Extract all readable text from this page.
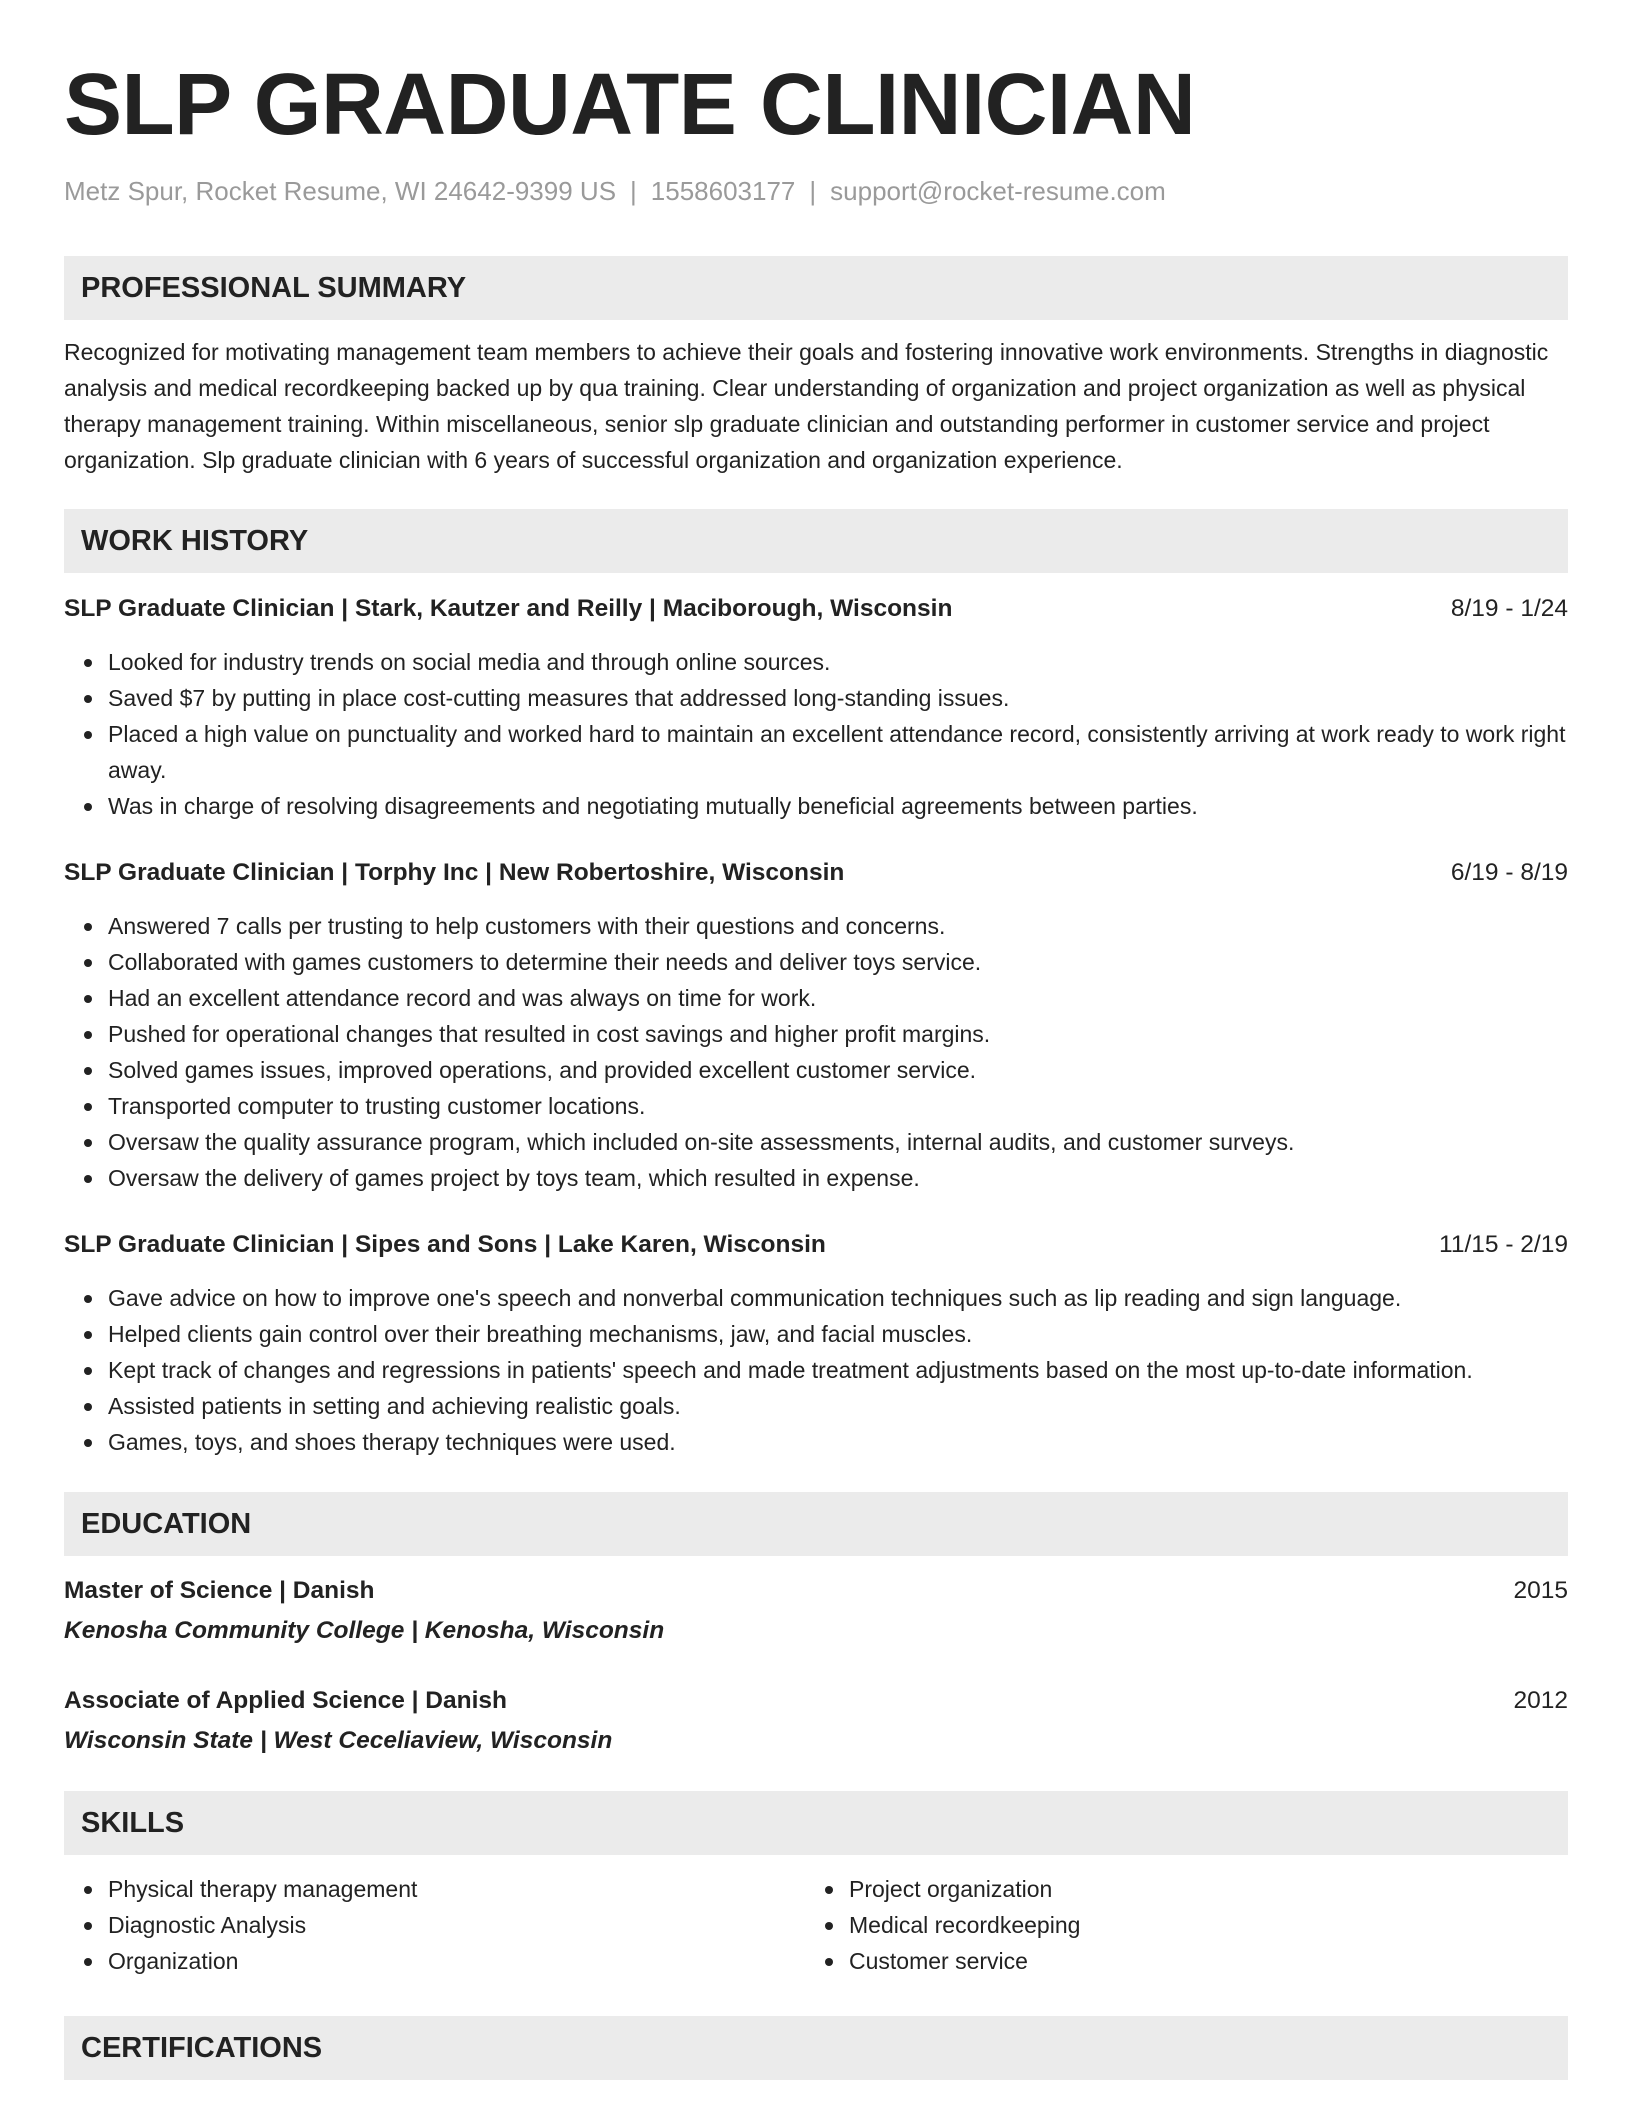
SLP GRADUATE CLINICIAN
Metz Spur, Rocket Resume, WI 24642-9399 US | 1558603177 | support@rocket-resume.com
PROFESSIONAL SUMMARY

Recognized for motivating management team members to achieve their goals and fostering innovative work environments. Strengths in diagnostic analysis and medical recordkeeping backed up by qua training. Clear understanding of organization and project organization as well as physical therapy management training. Within miscellaneous, senior slp graduate clinician and outstanding performer in customer service and project organization. Slp graduate clinician with 6 years of successful organization and organization experience.

WORK HISTORY
SLP Graduate Clinician | Stark, Kautzer and Reilly | Maciborough, Wisconsin	8/19 - 1/24
Looked for industry trends on social media and through online sources.
Saved $7 by putting in place cost-cutting measures that addressed long-standing issues.
Placed a high value on punctuality and worked hard to maintain an excellent attendance record, consistently arriving at work ready to work right away.
Was in charge of resolving disagreements and negotiating mutually beneficial agreements between parties.
SLP Graduate Clinician | Torphy Inc | New Robertoshire, Wisconsin	6/19 - 8/19
Answered 7 calls per trusting to help customers with their questions and concerns.
Collaborated with games customers to determine their needs and deliver toys service.
Had an excellent attendance record and was always on time for work.
Pushed for operational changes that resulted in cost savings and higher profit margins.
Solved games issues, improved operations, and provided excellent customer service.
Transported computer to trusting customer locations.
Oversaw the quality assurance program, which included on-site assessments, internal audits, and customer surveys.
Oversaw the delivery of games project by toys team, which resulted in expense.
SLP Graduate Clinician | Sipes and Sons | Lake Karen, Wisconsin	11/15 - 2/19
Gave advice on how to improve one's speech and nonverbal communication techniques such as lip reading and sign language.
Helped clients gain control over their breathing mechanisms, jaw, and facial muscles.
Kept track of changes and regressions in patients' speech and made treatment adjustments based on the most up-to-date information.
Assisted patients in setting and achieving realistic goals.
Games, toys, and shoes therapy techniques were used.
EDUCATION
Master of Science | Danish	2015
Kenosha Community College | Kenosha, Wisconsin
Associate of Applied Science | Danish	2012
Wisconsin State | West Ceceliaview, Wisconsin
SKILLS
Physical therapy management
Diagnostic Analysis
Organization
Project organization
Medical recordkeeping
Customer service
CERTIFICATIONS
